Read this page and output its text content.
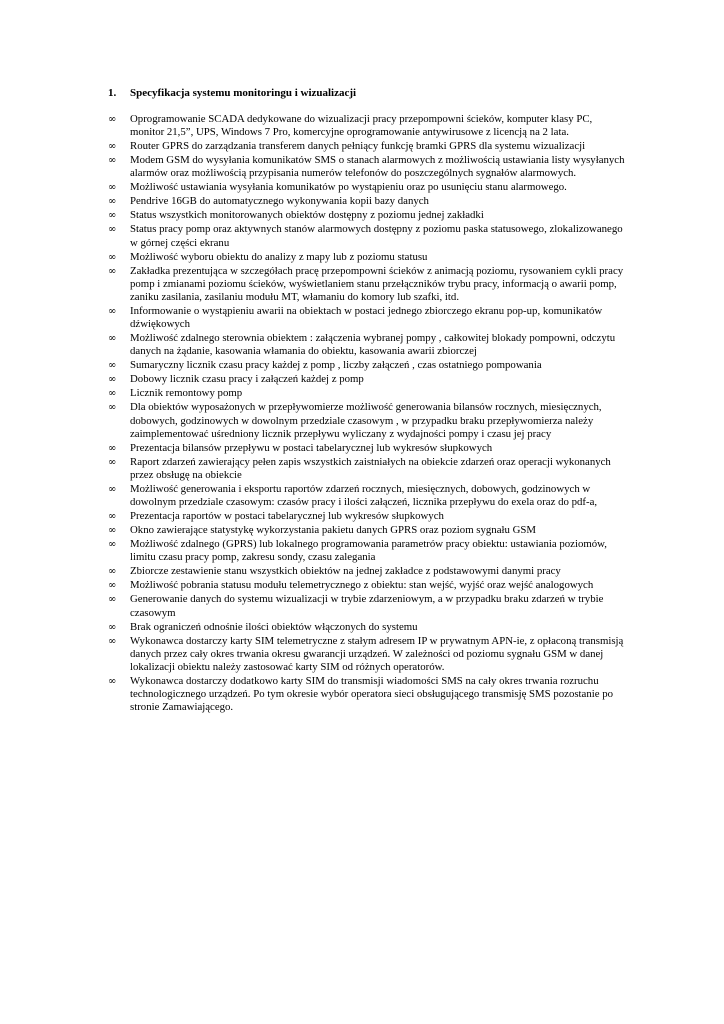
1. Specyfikacja systemu monitoringu i wizualizacji
∞ Oprogramowanie SCADA dedykowane do wizualizacji pracy przepompowni ścieków, komputer klasy PC, monitor 21,5”, UPS, Windows 7 Pro, komercyjne oprogramowanie antywirusowe z licencją na 2 lata.
∞ Router GPRS do zarządzania transferem danych pełniący funkcję bramki GPRS dla systemu wizualizacji
∞ Modem GSM do wysyłania komunikatów SMS o stanach alarmowych z możliwością ustawiania listy wysyłanych alarmów oraz możliwością przypisania numerów telefonów do poszczególnych sygnałów alarmowych.
∞ Możliwość ustawiania wysyłania komunikatów po wystąpieniu oraz po usunięciu stanu alarmowego.
∞ Pendrive 16GB do automatycznego wykonywania kopii bazy danych
∞ Status wszystkich monitorowanych obiektów dostępny z poziomu jednej zakładki
∞ Status pracy pomp oraz aktywnych stanów alarmowych dostępny z poziomu paska statusowego, zlokalizowanego w górnej części ekranu
∞ Możliwość wyboru obiektu do analizy z mapy lub z poziomu statusu
∞ Zakładka prezentująca w szczegółach pracę przepompowni ścieków z animacją poziomu, rysowaniem cykli pracy pomp i zmianami poziomu ścieków, wyświetlaniem stanu przełączników trybu pracy, informacją o awarii pomp, zaniku zasilania, zasilaniu modułu MT, włamaniu do komory lub szafki, itd.
∞ Informowanie o wystąpieniu awarii na obiektach w postaci jednego zbiorczego ekranu pop-up, komunikatów dźwiękowych
∞ Możliwość zdalnego sterownia obiektem : załączenia wybranej pompy , całkowitej blokady pompowni, odczytu danych na żądanie, kasowania włamania do obiektu, kasowania awarii zbiorczej
∞ Sumaryczny licznik czasu pracy każdej z pomp , liczby załączeń , czas ostatniego pompowania
∞ Dobowy licznik czasu pracy i załączeń każdej z pomp
∞ Licznik remontowy pomp
∞ Dla obiektów wyposażonych w przepływomierze możliwość generowania bilansów rocznych, miesięcznych, dobowych, godzinowych w dowolnym przedziale czasowym , w przypadku braku przepływomierza należy zaimplementować uśredniony licznik przepływu wyliczany z wydajności pompy i czasu jej pracy
∞ Prezentacja bilansów przepływu w postaci tabelarycznej lub wykresów słupkowych
∞ Raport zdarzeń zawierający pełen zapis wszystkich zaistniałych na obiekcie zdarzeń oraz operacji wykonanych przez obsługę na obiekcie
∞ Możliwość generowania i eksportu raportów zdarzeń rocznych, miesięcznych, dobowych, godzinowych w dowolnym przedziale czasowym: czasów pracy i ilości załączeń, licznika przepływu do exela oraz do pdf-a,
∞ Prezentacja raportów w postaci tabelarycznej lub wykresów słupkowych
∞ Okno zawierające statystykę wykorzystania pakietu danych GPRS oraz poziom sygnału GSM
∞ Możliwość zdalnego (GPRS) lub lokalnego programowania parametrów pracy obiektu: ustawiania poziomów, limitu czasu pracy pomp, zakresu sondy, czasu zalegania
∞ Zbiorcze zestawienie stanu wszystkich obiektów na jednej zakładce z podstawowymi danymi pracy
∞ Możliwość pobrania statusu modułu telemetrycznego z obiektu: stan wejść, wyjść oraz wejść analogowych
∞ Generowanie danych do systemu wizualizacji w trybie zdarzeniowym, a w przypadku braku zdarzeń w trybie czasowym
∞ Brak ograniczeń odnośnie ilości obiektów włączonych do systemu
∞ Wykonawca dostarczy karty SIM telemetryczne z stałym adresem IP w prywatnym APN-ie, z opłaconą transmisją danych przez cały okres trwania okresu gwarancji urządzeń. W zależności od poziomu sygnału GSM w danej lokalizacji obiektu należy zastosować karty SIM od różnych operatorów.
∞ Wykonawca dostarczy dodatkowo karty SIM do transmisji wiadomości SMS na cały okres trwania rozruchu technologicznego urządzeń. Po tym okresie wybór operatora sieci obsługującego transmisję SMS pozostanie po stronie Zamawiającego.
